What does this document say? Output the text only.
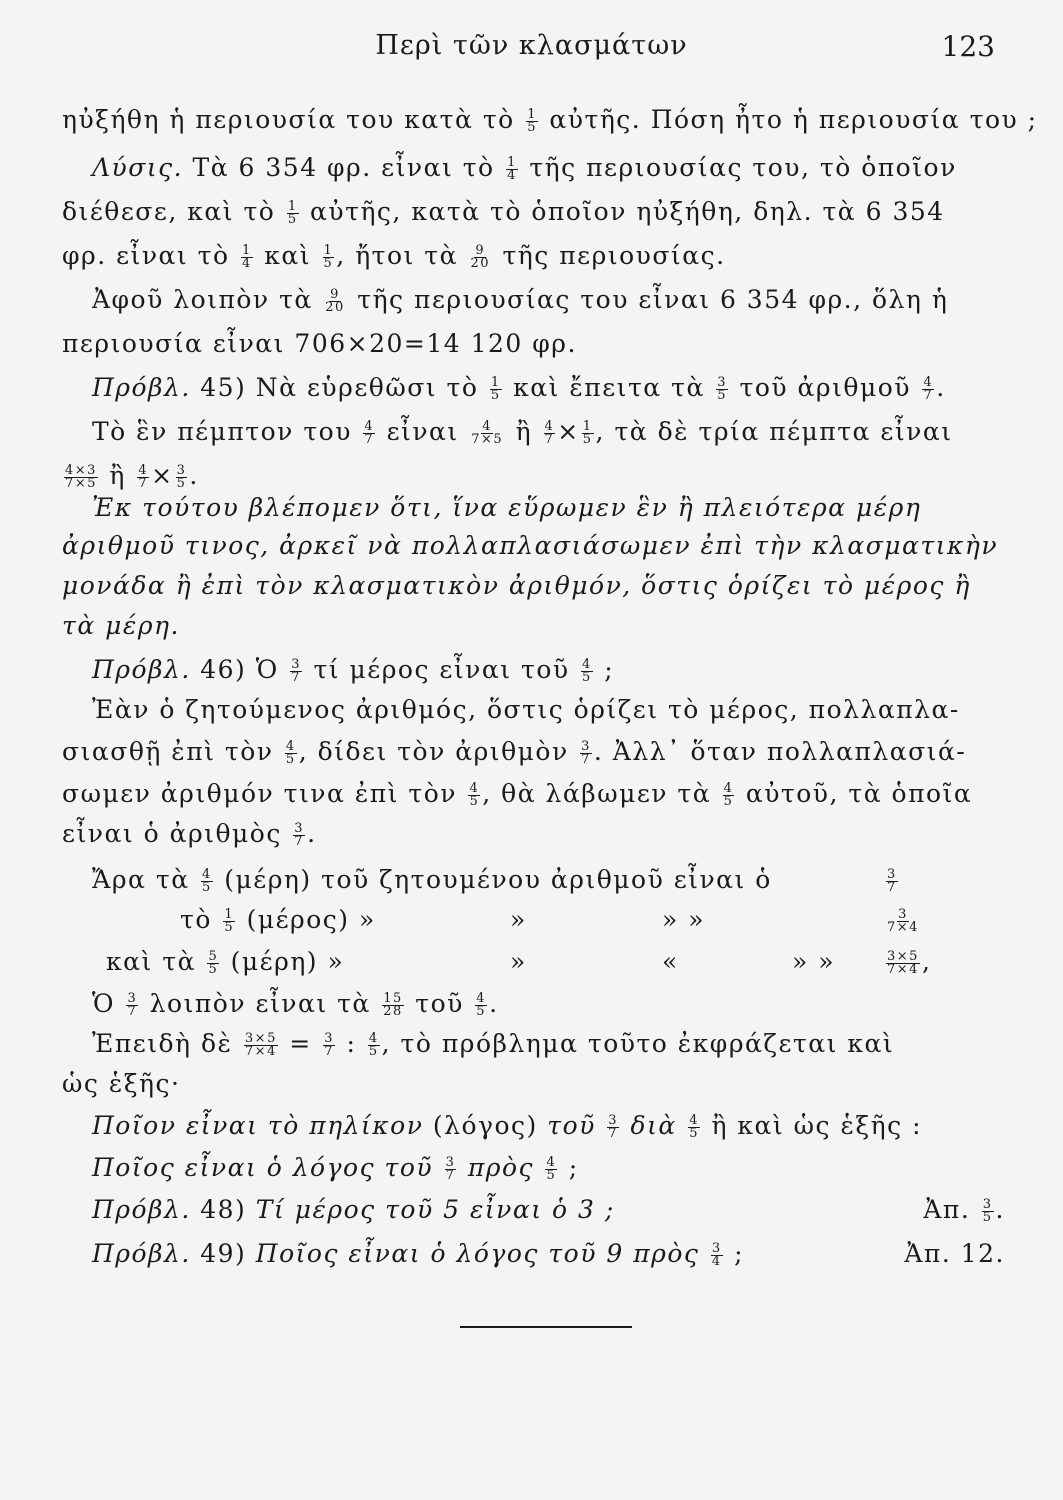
Περὶ τῶν κλασμάτων	123
ηὐξήθη ἡ περιουσία του κατὰ τὸ $\frac{1}{5}$ αὐτῆς. Πόση ἦτο ἡ περιουσία του ;
Λύσις. Τὰ 6 354 φρ. εἶναι τὸ $\frac{1}{4}$ τῆς περιουσίας του, τὸ ὁποῖον
διέθεσε, καὶ τὸ $\frac{1}{5}$ αὐτῆς, κατὰ τὸ ὁποῖον ηὐξήθη, δηλ. τὰ 6 354
φρ. εἶναι τὸ $\frac{1}{4}$ καὶ $\frac{1}{5}$ , ἤτοι τὰ $\frac{9}{20}$ τῆς περιουσίας.
Ἀφοῦ λοιπὸν τὰ $\frac{9}{20}$ τῆς περιουσίας του εἶναι 6 354 φρ., ὅλη ἡ
περιουσία εἶναι 706×20=14 120 φρ.
Πρόβλ. 45) Νὰ εὑρεθῶσι τὸ $\frac{1}{5}$ καὶ ἔπειτα τὰ $\frac{3}{5}$ τοῦ ἀριθμοῦ $\frac{4}{7}$ .
Τὸ ἓν πέμπτον του $\frac{4}{7}$ εἶναι $\frac{4}{7\times 5}$ ἢ $\frac{4}{7} \times \frac{1}{5}$ , τὰ δὲ τρία πέμπτα εἶναι
$\frac{4\times 3}{7\times 5}$ ἢ $\frac{4}{7} \times \frac{3}{5}$ .
Ἐκ τούτου βλέπομεν ὅτι, ἵνα εὕρωμεν ἓν ἢ πλειότερα μέρη
ἀριθμοῦ τινος, ἀρκεῖ νὰ πολλαπλασιάσωμεν ἐπὶ τὴν κλασματικὴν
μονάδα ἢ ἐπὶ τὸν κλασματικὸν ἀριθμόν, ὅστις ὁρίζει τὸ μέρος ἢ
τὰ μέρη.
Πρόβλ. 46) Ὁ $\frac{3}{7}$ τί μέρος εἶναι τοῦ $\frac{4}{5}$ ;
Ἐὰν ὁ ζητούμενος ἀριθμός, ὅστις ὁρίζει τὸ μέρος, πολλαπλα-
σιασθῇ ἐπὶ τὸν $\frac{4}{5}$ , δίδει τὸν ἀριθμὸν $\frac{3}{7}$ . Ἀλλ᾽ ὅταν πολλαπλασιά-
σωμεν ἀριθμόν τινα ἐπὶ τὸν $\frac{4}{5}$ , θὰ λάβωμεν τὰ $\frac{4}{5}$ αὐτοῦ, τὰ ὁποῖα
εἶναι ὁ ἀριθμὸς $\frac{3}{7}$ .
Ἄρα τὰ $\frac{4}{5} (\mu έ\rho\eta)$ τοῦ ζητουμένου ἀριθμοῦ εἶναι ὁ	$\frac{3}{7}$
τὸ $\frac{1}{5} (\mu έ\rho o\varsigma)$ »	»	» »	$\frac{3}{7\times 4}$
καὶ τὰ $\frac{5}{5} (\mu έ\rho\eta)$ »	»	«	» »	$\frac{3\times 5}{7\times 4}$ ,
Ὁ $\frac{3}{7}$ λοιπὸν εἶναι τὰ $\frac{15}{28}$ τοῦ $\frac{4}{5}$ .
Ἐπειδὴ δὲ $\frac{3\times 5}{7\times 4} = \frac{3}{7}$ : $\frac{4}{5}$ , τὸ πρόβλημα τοῦτο ἐκφράζεται καὶ
ὡς ἑξῆς·
Ποῖον εἶναι τὸ πηλίκον (λόγος) τοῦ $\frac{3}{7}$ διὰ $\frac{4}{5}$ ἢ καὶ ὡς ἑξῆς :
Ποῖος εἶναι ὁ λόγος τοῦ $\frac{3}{7}$ πρὸς $\frac{4}{5}$ ;
Πρόβλ. 48) Τί μέρος τοῦ 5 εἶναι ὁ 3 ;	Ἀπ. $\frac{3}{5}$ .
Πρόβλ. 49) Ποῖος εἶναι ὁ λόγος τοῦ 9 πρὸς $\frac{3}{4}$ ;	Ἀπ. 12.
